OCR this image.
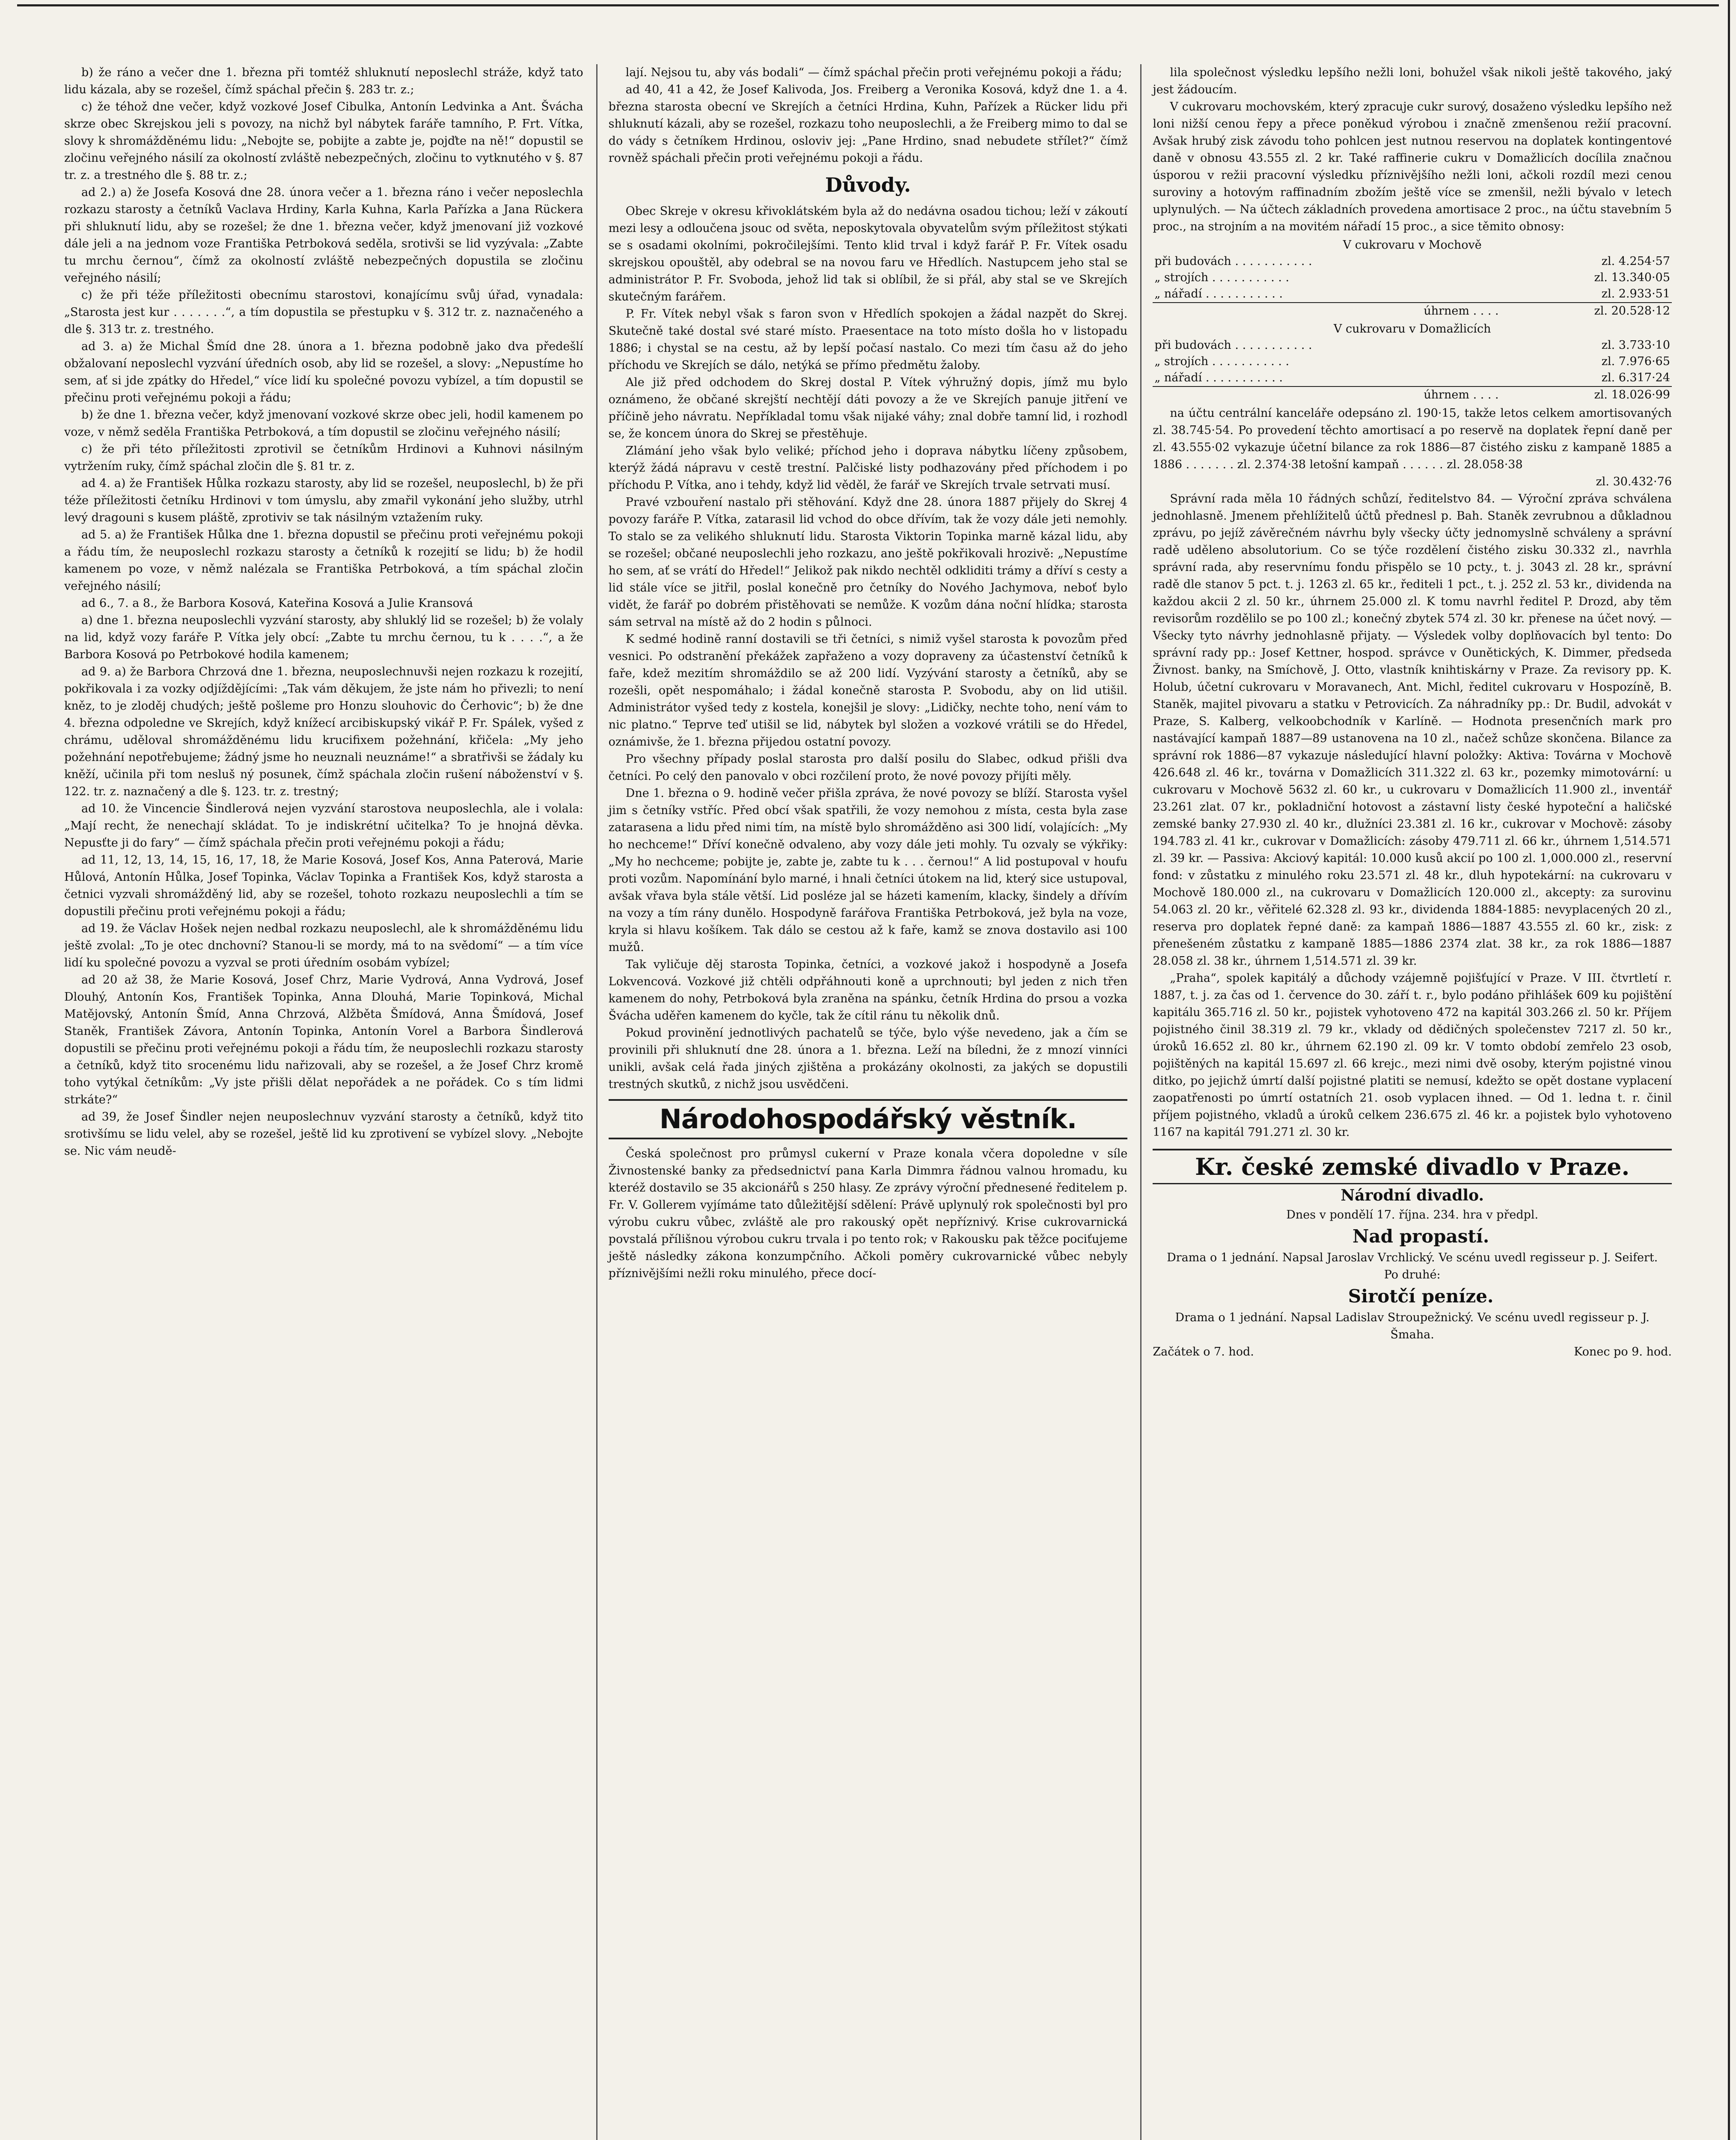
b) že ráno a večer dne 1. března při tomtéž shluknutí neposlechl stráže, když tato lidu kázala, aby se rozešel, čímž spáchal přečin §. 283 tr. z.;

c) že téhož dne večer, když vozkové Josef Cibulka, Antonín Ledvinka a Ant. Švácha skrze obec Skrejskou jeli s povozy, na nichž byl nábytek faráře tamního, P. Frt. Vítka, slovy k shromážděnému lidu: „Nebojte se, pobijte a zabte je, pojďte na ně!“ dopustil se zločinu veřejného násilí za okolností zvláště nebezpečných, zločinu to vytknutého v §. 87 tr. z. a trestného dle §. 88 tr. z.;

ad 2.) a) že Josefa Kosová dne 28. února večer a 1. března ráno i večer neposlechla rozkazu starosty a četníků Vaclava Hrdiny, Karla Kuhna, Karla Pařízka a Jana Rückera při shluknutí lidu, aby se rozešel; že dne 1. března večer, když jmenovaní již vozkové dále jeli a na jednom voze Františka Petrboková seděla, srotivši se lid vyzývala: „Zabte tu mrchu černou“, čímž za okolností zvláště nebezpečných dopustila se zločinu veřejného násilí;

c) že při téže příležitosti obecnímu starostovi, konajícímu svůj úřad, vynadala: „Starosta jest kur . . . . . . .“, a tím dopustila se přestupku v §. 312 tr. z. naznačeného a dle §. 313 tr. z. trestného.

ad 3. a) že Michal Šmíd dne 28. února a 1. března podobně jako dva předešlí obžalovaní neposlechl vyzvání úředních osob, aby lid se rozešel, a slovy: „Nepustíme ho sem, ať si jde zpátky do Hředel,“ více lidí ku společné povozu vybízel, a tím dopustil se přečinu proti veřejnému pokoji a řádu;

b) že dne 1. března večer, když jmenovaní vozkové skrze obec jeli, hodil kamenem po voze, v němž seděla Františka Petrboková, a tím dopustil se zločinu veřejného násilí;

c) že při této příležitosti zprotivil se četníkům Hrdinovi a Kuhnovi násilným vytržením ruky, čímž spáchal zločin dle §. 81 tr. z.

ad 4. a) že František Hůlka rozkazu starosty, aby lid se rozešel, neuposlechl, b) že při téže příležitosti četníku Hrdinovi v tom úmyslu, aby zmařil vykonání jeho služby, utrhl levý dragouni s kusem pláště, zprotiviv se tak násilným vztažením ruky.

ad 5. a) že František Hůlka dne 1. března dopustil se přečinu proti veřejnému pokoji a řádu tím, že neuposlechl rozkazu starosty a četníků k rozejití se lidu; b) že hodil kamenem po voze, v němž nalézala se Františka Petrboková, a tím spáchal zločin veřejného násilí;

ad 6., 7. a 8., že Barbora Kosová, Kateřina Kosová a Julie Kransová

a) dne 1. března neuposlechli vyzvání starosty, aby shluklý lid se rozešel; b) že volaly na lid, když vozy faráře P. Vítka jely obcí: „Zabte tu mrchu černou, tu k . . . .“, a že Barbora Kosová po Petrbokové hodila kamenem;

ad 9. a) že Barbora Chrzová dne 1. března, neuposlechnuvši nejen rozkazu k rozejití, pokřikovala i za vozky odjíždějícími: „Tak vám děkujem, že jste nám ho přivezli; to není kněz, to je zloděj chudých; ještě pošleme pro Honzu slouhovic do Čerhovic“; b) že dne 4. března odpoledne ve Skrejích, když knížecí arcibiskupský vikář P. Fr. Spálek, vyšed z chrámu, uděloval shromážděnému lidu krucifixem požehnání, křičela: „My jeho požehnání nepotřebujeme; žádný jsme ho neuznali neuznáme!“ a sbratřivši se žádaly ku kněží, učinila při tom nesluš ný posunek, čímž spáchala zločin rušení náboženství v §. 122. tr. z. naznačený a dle §. 123. tr. z. trestný;

ad 10. že Vincencie Šindlerová nejen vyzvání starostova neuposlechla, ale i volala: „Mají recht, že nenechají skládat. To je indiskrétní učitelka? To je hnojná děvka. Nepusťte ji do fary“ — čímž spáchala přečin proti veřejnému pokoji a řádu;

ad 11, 12, 13, 14, 15, 16, 17, 18, že Marie Kosová, Josef Kos, Anna Paterová, Marie Hůlová, Antonín Hůlka, Josef Topinka, Václav Topinka a František Kos, když starosta a četnici vyzvali shromážděný lid, aby se rozešel, tohoto rozkazu neuposlechli a tím se dopustili přečinu proti veřejnému pokoji a řádu;

ad 19. že Václav Hošek nejen nedbal rozkazu neuposlechl, ale k shromážděnému lidu ještě zvolal: „To je otec dnchovní? Stanou-li se mordy, má to na svědomí“ — a tím více lidí ku společné povozu a vyzval se proti úředním osobám vybízel;

ad 20 až 38, že Marie Kosová, Josef Chrz, Marie Vydrová, Anna Vydrová, Josef Dlouhý, Antonín Kos, František Topinka, Anna Dlouhá, Marie Topinková, Michal Matějovský, Antonín Šmíd, Anna Chrzová, Alžběta Šmídová, Anna Šmídová, Josef Staněk, František Závora, Antonín Topinka, Antonín Vorel a Barbora Šindlerová dopustili se přečinu proti veřejnému pokoji a řádu tím, že neuposlechli rozkazu starosty a četníků, když tito srocenému lidu nařizovali, aby se rozešel, a že Josef Chrz kromě toho vytýkal četníkům: „Vy jste přišli dělat nepořádek a ne pořádek. Co s tím lidmi strkáte?“

ad 39, že Josef Šindler nejen neuposlechnuv vyzvání starosty a četníků, když tito srotivšímu se lidu velel, aby se rozešel, ještě lid ku zprotivení se vybízel slovy. „Nebojte se. Nic vám neudě-

lají. Nejsou tu, aby vás bodali“ — čímž spáchal přečin proti veřejnému pokoji a řádu;

ad 40, 41 a 42, že Josef Kalivoda, Jos. Freiberg a Veronika Kosová, když dne 1. a 4. března starosta obecní ve Skrejích a četníci Hrdina, Kuhn, Pařízek a Rücker lidu při shluknutí kázali, aby se rozešel, rozkazu toho neuposlechli, a že Freiberg mimo to dal se do vády s četníkem Hrdinou, osloviv jej: „Pane Hrdino, snad nebudete střílet?“ čímž rovněž spáchali přečin proti veřejnému pokoji a řádu.

Důvody.

Obec Skreje v okresu křivoklátském byla až do nedávna osadou tichou; leží v zákoutí mezi lesy a odloučena jsouc od světa, neposkytovala obyvatelům svým příležitost stýkati se s osadami okolními, pokročilejšími. Tento klid trval i když farář P. Fr. Vítek osadu skrejskou opouštěl, aby odebral se na novou faru ve Hředlích. Nastupcem jeho stal se administrátor P. Fr. Svoboda, jehož lid tak si oblíbil, že si přál, aby stal se ve Skrejích skutečným farářem.

P. Fr. Vítek nebyl však s faron svon v Hředlích spokojen a žádal nazpět do Skrej. Skutečně také dostal své staré místo. Praesentace na toto místo došla ho v listopadu 1886; i chystal se na cestu, až by lepší počasí nastalo. Co mezi tím času až do jeho příchodu ve Skrejích se dálo, netýká se přímo předmětu žaloby.

Ale již před odchodem do Skrej dostal P. Vítek výhružný dopis, jímž mu bylo oznámeno, že občané skrejští nechtějí dáti povozy a že ve Skrejích panuje jitření ve příčině jeho návratu. Nepříkladal tomu však nijaké váhy; znal dobře tamní lid, i rozhodl se, že koncem února do Skrej se přestěhuje.

Zlámání jeho však bylo veliké; příchod jeho i doprava nábytku líčeny způsobem, kterýž žádá nápravu v cestě trestní. Palčiské listy podhazovány před příchodem i po příchodu P. Vítka, ano i tehdy, když lid věděl, že farář ve Skrejích trvale setrvati musí.

Pravé vzbouření nastalo při stěhování. Když dne 28. února 1887 přijely do Skrej 4 povozy faráře P. Vítka, zatarasil lid vchod do obce dřívím, tak že vozy dále jeti nemohly. To stalo se za velikého shluknutí lidu. Starosta Viktorin Topinka marně kázal lidu, aby se rozešel; občané neuposlechli jeho rozkazu, ano ještě pokřikovali hrozivě: „Nepustíme ho sem, ať se vrátí do Hředel!“ Jelikož pak nikdo nechtěl odkliditi trámy a dříví s cesty a lid stále více se jitřil, poslal konečně pro četníky do Nového Jachymova, neboť bylo vidět, že farář po dobrém přistěhovati se nemůže. K vozům dána noční hlídka; starosta sám setrval na místě až do 2 hodin s půlnoci.

K sedmé hodině ranní dostavili se tři četníci, s nimiž vyšel starosta k povozům před vesnici. Po odstranění překážek zapřaženo a vozy dopraveny za účastenství četníků k faře, kdež mezitím shromáždilo se až 200 lidí. Vyzývání starosty a četníků, aby se rozešli, opět nespomáhalo; i žádal konečně starosta P. Svobodu, aby on lid utišil. Administrátor vyšed tedy z kostela, konejšil je slovy: „Lidičky, nechte toho, není vám to nic platno.“ Teprve teď utišil se lid, nábytek byl složen a vozkové vrátili se do Hředel, oznámivše, že 1. března přijedou ostatní povozy.

Pro všechny případy poslal starosta pro další posilu do Slabec, odkud přišli dva četníci. Po celý den panovalo v obci rozčilení proto, že nové povozy přijíti měly.

Dne 1. března o 9. hodině večer přišla zpráva, že nové povozy se blíží. Starosta vyšel jim s četníky vstříc. Před obcí však spatřili, že vozy nemohou z místa, cesta byla zase zatarasena a lidu před nimi tím, na místě bylo shromážděno asi 300 lidí, volajících: „My ho nechceme!“ Dříví konečně odvaleno, aby vozy dále jeti mohly. Tu ozvaly se výkřiky: „My ho nechceme; pobijte je, zabte je, zabte tu k . . . černou!“ A lid postupoval v houfu proti vozům. Napomínání bylo marné, i hnali četníci útokem na lid, který sice ustupoval, avšak vřava byla stále větší. Lid posléze jal se házeti kamením, klacky, šindely a dřívím na vozy a tím rány dunělo. Hospodyně farářova Františka Petrboková, jež byla na voze, kryla si hlavu košíkem. Tak dálo se cestou až k faře, kamž se znova dostavilo asi 100 mužů.

Tak vyličuje děj starosta Topinka, četníci, a vozkové jakož i hospodyně a Josefa Lokvencová. Vozkové již chtěli odpřáhnouti koně a uprchnouti; byl jeden z nich třen kamenem do nohy, Petrboková byla zraněna na spánku, četník Hrdina do prsou a vozka Švácha uděřen kamenem do kyčle, tak že cítil ránu tu několik dnů.

Pokud provinění jednotlivých pachatelů se týče, bylo výše nevedeno, jak a čím se provinili při shluknutí dne 28. února a 1. března. Leží na bíledni, že z mnozí vinníci unikli, avšak celá řada jiných zjištěna a prokázány okolnosti, za jakých se dopustili trestných skutků, z nichž jsou usvědčeni.

Národohospodářský věstník.

Česká společnost pro průmysl cukerní v Praze konala včera dopoledne v síle Živnostenské banky za předsednictví pana Karla Dimmra řádnou valnou hromadu, ku kteréž dostavilo se 35 akcionářů s 250 hlasy. Ze zprávy výroční přednesené ředitelem p. Fr. V. Gollerem vyjímáme tato důležitější sdělení: Právě uplynulý rok společnosti byl pro výrobu cukru vůbec, zvláště ale pro rakouský opět nepříznivý. Krise cukrovarnická povstalá přílišnou výrobou cukru trvala i po tento rok; v Rakousku pak těžce pociťujeme ještě následky zákona konzumpčního. Ačkoli poměry cukrovarnické vůbec nebyly příznivějšími nežli roku minulého, přece docí-

lila společnost výsledku lepšího nežli loni, bohužel však nikoli ještě takového, jaký jest žádoucím.

V cukrovaru mochovském, který zpracuje cukr surový, dosaženo výsledku lepšího než loni nižší cenou řepy a přece poněkud výrobou i značně zmenšenou režií pracovní. Avšak hrubý zisk závodu toho pohlcen jest nutnou reservou na doplatek kontingentové daně v obnosu 43.555 zl. 2 kr. Také raffinerie cukru v Domažlicích docílila značnou úsporou v režii pracovní výsledku příznivějšího nežli loni, ačkoli rozdíl mezi cenou suroviny a hotovým raffinadním zbožím ještě více se zmenšil, nežli bývalo v letech uplynulých. — Na účtech základních provedena amortisace 2 proc., na účtu stavebním 5 proc., na strojním a na movitém nářadí 15 proc., a sice těmito obnosy:

V cukrovaru v Mochově	
při budovách . . . . . . . . . . .	zl. 4.254·57
„ strojích . . . . . . . . . . .	zl. 13.340·05
„ nářadí . . . . . . . . . . .	zl. 2.933·51
úhrnem . . . .	zl. 20.528·12
V cukrovaru v Domažlicích	
při budovách . . . . . . . . . . .	zl. 3.733·10
„ strojích . . . . . . . . . . .	zl. 7.976·65
„ nářadí . . . . . . . . . . .	zl. 6.317·24
úhrnem . . . .	zl. 18.026·99

na účtu centrální kanceláře odepsáno zl. 190·15, takže letos celkem amortisovaných zl. 38.745·54. Po provedení těchto amortisací a po reservě na doplatek řepní daně per zl. 43.555·02 vykazuje účetní bilance za rok 1886—87 čistého zisku z kampaně 1885 a 1886 . . . . . . . zl. 2.374·38 letošní kampaň . . . . . . zl. 28.058·38

zl. 30.432·76

Správní rada měla 10 řádných schůzí, ředitelstvo 84. — Výroční zpráva schválena jednohlasně. Jmenem přehlížitelů účtů přednesl p. Bah. Staněk zevrubnou a důkladnou zprávu, po jejíž závěrečném návrhu byly všecky účty jednomyslně schváleny a správní radě uděleno absolutorium. Co se týče rozdělení čistého zisku 30.332 zl., navrhla správní rada, aby reservnímu fondu přispělo se 10 pcty., t. j. 3043 zl. 28 kr., správní radě dle stanov 5 pct. t. j. 1263 zl. 65 kr., řediteli 1 pct., t. j. 252 zl. 53 kr., dividenda na každou akcii 2 zl. 50 kr., úhrnem 25.000 zl. K tomu navrhl ředitel P. Drozd, aby těm revisorům rozdělilo se po 100 zl.; konečný zbytek 574 zl. 30 kr. přenese na účet nový. — Všecky tyto návrhy jednohlasně přijaty. — Výsledek volby doplňovacích byl tento: Do správní rady pp.: Josef Kettner, hospod. správce v Ounětických, K. Dimmer, předseda Živnost. banky, na Smíchově, J. Otto, vlastník knihtiskárny v Praze. Za revisory pp. K. Holub, účetní cukrovaru v Moravanech, Ant. Michl, ředitel cukrovaru v Hospozíně, B. Staněk, majitel pivovaru a statku v Petrovicích. Za náhradníky pp.: Dr. Budil, advokát v Praze, S. Kalberg, velkoobchodník v Karlíně. — Hodnota presenčních mark pro nastávající kampaň 1887—89 ustanovena na 10 zl., načež schůze skončena. Bilance za správní rok 1886—87 vykazuje následující hlavní položky: Aktiva: Továrna v Mochově 426.648 zl. 46 kr., továrna v Domažlicích 311.322 zl. 63 kr., pozemky mimotovární: u cukrovaru v Mochově 5632 zl. 60 kr., u cukrovaru v Domažlicích 11.900 zl., inventář 23.261 zlat. 07 kr., pokladniční hotovost a zástavní listy české hypoteční a haličské zemské banky 27.930 zl. 40 kr., dlužníci 23.381 zl. 16 kr., cukrovar v Mochově: zásoby 194.783 zl. 41 kr., cukrovar v Domažlicích: zásoby 479.711 zl. 66 kr., úhrnem 1,514.571 zl. 39 kr. — Passiva: Akciový kapitál: 10.000 kusů akcií po 100 zl. 1,000.000 zl., reservní fond: v zůstatku z minulého roku 23.571 zl. 48 kr., dluh hypotekární: na cukrovaru v Mochově 180.000 zl., na cukrovaru v Domažlicích 120.000 zl., akcepty: za surovinu 54.063 zl. 20 kr., věřitelé 62.328 zl. 93 kr., dividenda 1884-1885: nevyplacených 20 zl., reserva pro doplatek řepné daně: za kampaň 1886—1887 43.555 zl. 60 kr., zisk: z přenešeném zůstatku z kampaně 1885—1886 2374 zlat. 38 kr., za rok 1886—1887 28.058 zl. 38 kr., úhrnem 1,514.571 zl. 39 kr.

„Praha“, spolek kapitálý a důchody vzájemně pojišťující v Praze. V III. čtvrtletí r. 1887, t. j. za čas od 1. července do 30. září t. r., bylo podáno přihlášek 609 ku pojištění kapitálu 365.716 zl. 50 kr., pojistek vyhotoveno 472 na kapitál 303.266 zl. 50 kr. Příjem pojistného činil 38.319 zl. 79 kr., vklady od dědičných společenstev 7217 zl. 50 kr., úroků 16.652 zl. 80 kr., úhrnem 62.190 zl. 09 kr. V tomto období zemřelo 23 osob, pojištěných na kapitál 15.697 zl. 66 krejc., mezi nimi dvě osoby, kterým pojistné vinou ditko, po jejichž úmrtí další pojistné platiti se nemusí, kdežto se opět dostane vyplacení zaopatřenosti po úmrtí ostatních 21. osob vyplacen ihned. — Od 1. ledna t. r. činil příjem pojistného, vkladů a úroků celkem 236.675 zl. 46 kr. a pojistek bylo vyhotoveno 1167 na kapitál 791.271 zl. 30 kr.

Kr. české zemské divadlo v Praze.

Národní divadlo.

Dnes v pondělí 17. října. 234. hra v předpl.

Nad propastí.

Drama o 1 jednání. Napsal Jaroslav Vrchlický. Ve scénu uvedl regisseur p. J. Seifert.

Po druhé:

Sirotčí peníze.

Drama o 1 jednání. Napsal Ladislav Stroupežnický. Ve scénu uvedl regisseur p. J. Šmaha.

Začátek o 7. hod.	Konec po 9. hod.
